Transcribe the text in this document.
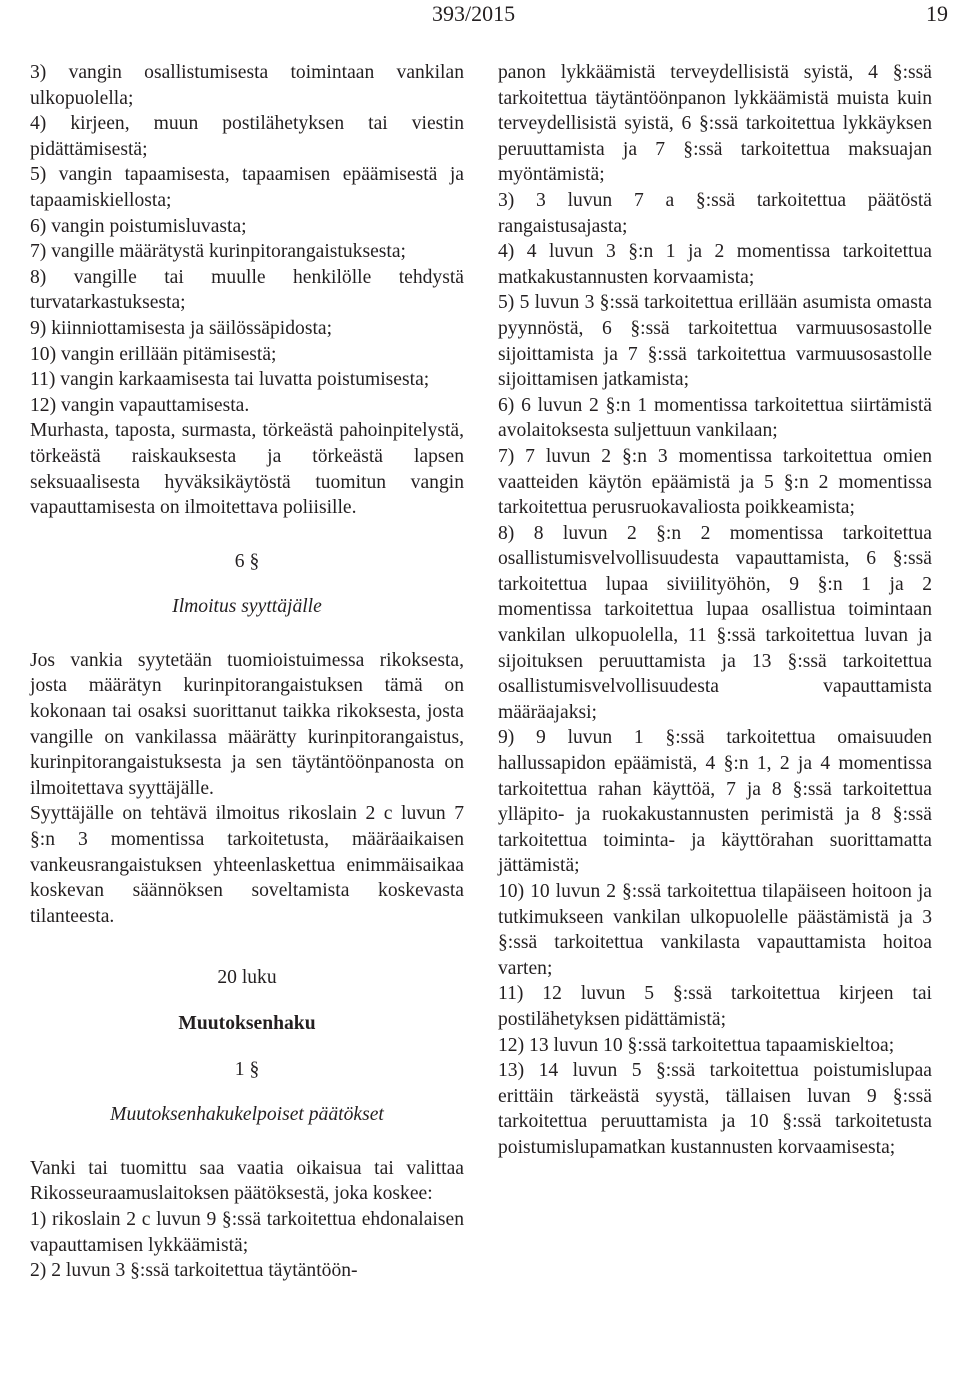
393/2015	19

3) vangin osallistumisesta toimintaan vankilan ulkopuolella;

4) kirjeen, muun postilähetyksen tai viestin pidättämisestä;

5) vangin tapaamisesta, tapaamisen epäämisestä ja tapaamiskiellosta;

6) vangin poistumisluvasta;

7) vangille määrätystä kurinpitorangaistuksesta;

8) vangille tai muulle henkilölle tehdystä turvatarkastuksesta;

9) kiinniottamisesta ja säilössäpidosta;

10) vangin erillään pitämisestä;

11) vangin karkaamisesta tai luvatta poistumisesta;

12) vangin vapauttamisesta.

Murhasta, taposta, surmasta, törkeästä pahoinpitelystä, törkeästä raiskauksesta ja törkeästä lapsen seksuaalisesta hyväksikäytöstä tuomitun vangin vapauttamisesta on ilmoitettava poliisille.

6 §

Ilmoitus syyttäjälle

Jos vankia syytetään tuomioistuimessa rikoksesta, josta määrätyn kurinpitorangaistuksen tämä on kokonaan tai osaksi suorittanut taikka rikoksesta, josta vangille on vankilassa määrätty kurinpitorangaistus, kurinpitorangaistuksesta ja sen täytäntöönpanosta on ilmoitettava syyttäjälle.

Syyttäjälle on tehtävä ilmoitus rikoslain 2 c luvun 7 §:n 3 momentissa tarkoitetusta, määräaikaisen vankeusrangaistuksen yhteenlaskettua enimmäisaikaa koskevan säännöksen soveltamista koskevasta tilanteesta.

20 luku

Muutoksenhaku

1 §

Muutoksenhakukelpoiset päätökset

Vanki tai tuomittu saa vaatia oikaisua tai valittaa Rikosseuraamuslaitoksen päätöksestä, joka koskee:

1) rikoslain 2 c luvun 9 §:ssä tarkoitettua ehdonalaisen vapauttamisen lykkäämistä;

2) 2 luvun 3 §:ssä tarkoitettua täytäntöön-

panon lykkäämistä terveydellisistä syistä, 4 §:ssä tarkoitettua täytäntöönpanon lykkäämistä muista kuin terveydellisistä syistä, 6 §:ssä tarkoitettua lykkäyksen peruuttamista ja 7 §:ssä tarkoitettua maksuajan myöntämistä;

3) 3 luvun 7 a §:ssä tarkoitettua päätöstä rangaistusajasta;

4) 4 luvun 3 §:n 1 ja 2 momentissa tarkoitettua matkakustannusten korvaamista;

5) 5 luvun 3 §:ssä tarkoitettua erillään asumista omasta pyynnöstä, 6 §:ssä tarkoitettua varmuusosastolle sijoittamista ja 7 §:ssä tarkoitettua varmuusosastolle sijoittamisen jatkamista;

6) 6 luvun 2 §:n 1 momentissa tarkoitettua siirtämistä avolaitoksesta suljettuun vankilaan;

7) 7 luvun 2 §:n 3 momentissa tarkoitettua omien vaatteiden käytön epäämistä ja 5 §:n 2 momentissa tarkoitettua perusruokavaliosta poikkeamista;

8) 8 luvun 2 §:n 2 momentissa tarkoitettua osallistumisvelvollisuudesta vapauttamista, 6 §:ssä tarkoitettua lupaa siviilityöhön, 9 §:n 1 ja 2 momentissa tarkoitettua lupaa osallistua toimintaan vankilan ulkopuolella, 11 §:ssä tarkoitettua luvan ja sijoituksen peruuttamista ja 13 §:ssä tarkoitettua osallistumisvelvollisuudesta vapauttamista määräajaksi;

9) 9 luvun 1 §:ssä tarkoitettua omaisuuden hallussapidon epäämistä, 4 §:n 1, 2 ja 4 momentissa tarkoitettua rahan käyttöä, 7 ja 8 §:ssä tarkoitettua ylläpito- ja ruokakustannusten perimistä ja 8 §:ssä tarkoitettua toiminta- ja käyttörahan suorittamatta jättämistä;

10) 10 luvun 2 §:ssä tarkoitettua tilapäiseen hoitoon ja tutkimukseen vankilan ulkopuolelle päästämistä ja 3 §:ssä tarkoitettua vankilasta vapauttamista hoitoa varten;

11) 12 luvun 5 §:ssä tarkoitettua kirjeen tai postilähetyksen pidättämistä;

12) 13 luvun 10 §:ssä tarkoitettua tapaamiskieltoa;

13) 14 luvun 5 §:ssä tarkoitettua poistumislupaa erittäin tärkeästä syystä, tällaisen luvan 9 §:ssä tarkoitettua peruuttamista ja 10 §:ssä tarkoitetusta poistumislupamatkan kustannusten korvaamisesta;
